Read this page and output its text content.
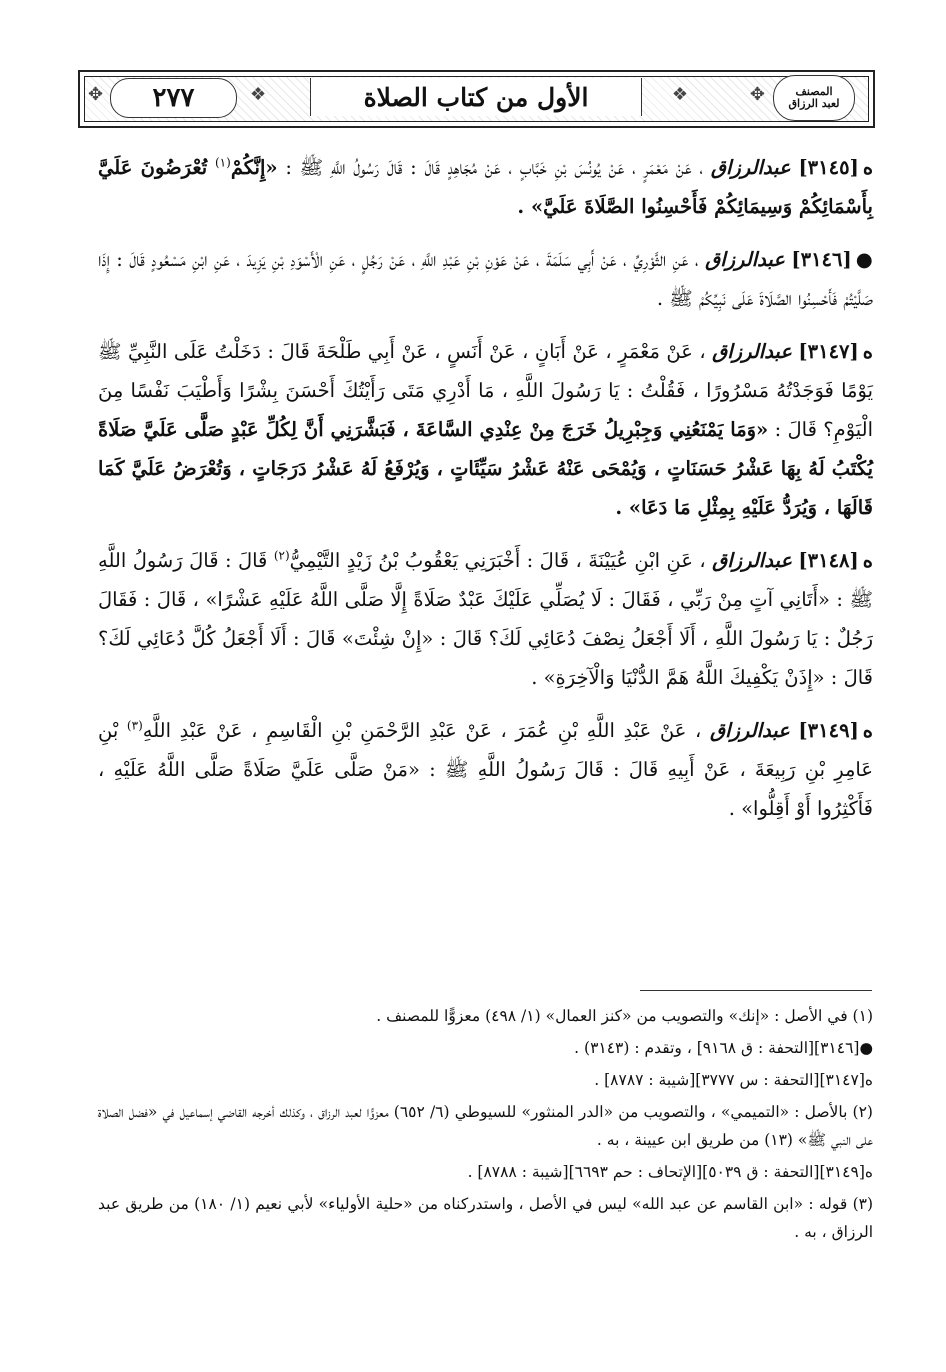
المصنف
لعبد الرزاق
✥
❖
الأول من كتاب الصلاة
❖
٢٧٧
✥

ه[٣١٤٥] عبدالرزاق ، عَنْ مَعْمَرٍ ، عَنْ يُونُسَ بْنِ خَبَّابٍ ، عَنْ مُجَاهِدٍ قَالَ : قَالَ رَسُولُ اللَّهِ ﷺ : «إِنَّكُمْ$^{(١)}$ تُعْرَضُونَ عَلَيَّ بِأَسْمَائِكُمْ وَسِيمَائِكُمْ فَأَحْسِنُوا الصَّلَاةَ عَلَيَّ» .

●[٣١٤٦] عبدالرزاق ، عَنِ الثَّوْرِيِّ ، عَنْ أَبِي سَلَمَةَ ، عَنْ عَوْنِ بْنِ عَبْدِ اللَّهِ ، عَنْ رَجُلٍ ، عَنِ الْأَسْوَدِ بْنِ يَزِيدَ ، عَنِ ابْنِ مَسْعُودٍ قَالَ : إِذَا صَلَّيْتُمْ فَأَحْسِنُوا الصَّلَاةَ عَلَى نَبِيِّكُمْ ﷺ .

ه[٣١٤٧] عبدالرزاق ، عَنْ مَعْمَرٍ ، عَنْ أَبَانٍ ، عَنْ أَنَسٍ ، عَنْ أَبِي طَلْحَةَ قَالَ : دَخَلْتُ عَلَى النَّبِيِّ ﷺ يَوْمًا فَوَجَدْتُهُ مَسْرُورًا ، فَقُلْتُ : يَا رَسُولَ اللَّهِ ، مَا أَدْرِي مَتَى رَأَيْتُكَ أَحْسَنَ بِشْرًا وَأَطْيَبَ نَفْسًا مِنَ الْيَوْمِ؟ قَالَ : «وَمَا يَمْنَعُنِي وَجِبْرِيلُ خَرَجَ مِنْ عِنْدِي السَّاعَةَ ، فَبَشَّرَنِي أَنَّ لِكُلِّ عَبْدٍ صَلَّى عَلَيَّ صَلَاةً يُكْتَبُ لَهُ بِهَا عَشْرُ حَسَنَاتٍ ، وَيُمْحَى عَنْهُ عَشْرُ سَيِّئَاتٍ ، وَيُرْفَعُ لَهُ عَشْرُ دَرَجَاتٍ ، وَتُعْرَضُ عَلَيَّ كَمَا قَالَهَا ، وَيُرَدُّ عَلَيْهِ بِمِثْلِ مَا دَعَا» .

ه[٣١٤٨] عبدالرزاق ، عَنِ ابْنِ عُيَيْنَةَ ، قَالَ : أَخْبَرَنِي يَعْقُوبُ بْنُ زَيْدٍ التَّيْمِيُّ$^{(٢)}$ قَالَ : قَالَ رَسُولُ اللَّهِ ﷺ : «أَتَانِي آتٍ مِنْ رَبِّي ، فَقَالَ : لَا يُصَلِّي عَلَيْكَ عَبْدٌ صَلَاةً إِلَّا صَلَّى اللَّهُ عَلَيْهِ عَشْرًا» ، قَالَ : فَقَالَ رَجُلٌ : يَا رَسُولَ اللَّهِ ، أَلَا أَجْعَلُ نِصْفَ دُعَائِي لَكَ؟ قَالَ : «إِنْ شِئْتَ» قَالَ : أَلَا أَجْعَلُ كُلَّ دُعَائِي لَكَ؟ قَالَ : «إِذَنْ يَكْفِيكَ اللَّهُ هَمَّ الدُّنْيَا وَالْآخِرَةِ» .

ه[٣١٤٩] عبدالرزاق ، عَنْ عَبْدِ اللَّهِ بْنِ عُمَرَ ، عَنْ عَبْدِ الرَّحْمَنِ بْنِ الْقَاسِمِ ، عَنْ عَبْدِ اللَّهِ$^{(٣)}$ بْنِ عَامِرِ بْنِ رَبِيعَةَ ، عَنْ أَبِيهِ قَالَ : قَالَ رَسُولُ اللَّهِ ﷺ : «مَنْ صَلَّى عَلَيَّ صَلَاةً صَلَّى اللَّهُ عَلَيْهِ ، فَأَكْثِرُوا أَوْ أَقِلُّوا» .

(١) في الأصل : «إنك» والتصويب من «كنز العمال» (١/ ٤٩٨) معزوًّا للمصنف .

●[٣١٤٦][التحفة : ق ٩١٦٨] ، وتقدم : (٣١٤٣) .

ه[٣١٤٧][التحفة : س ٣٧٧٧][شيبة : ٨٧٨٧] .

(٢) بالأصل : «التميمي» ، والتصويب من «الدر المنثور» للسيوطي (٦/ ٦٥٢) معزوًّا لعبد الرزاق ، وكذلك أخرجه القاضي إسماعيل في «فضل الصلاة على النبي ﷺ» (١٣) من طريق ابن عيينة ، به .

ه[٣١٤٩][التحفة : ق ٥٠٣٩][الإتحاف : حم ٦٦٩٣][شيبة : ٨٧٨٨] .

(٣) قوله : «ابن القاسم عن عبد الله» ليس في الأصل ، واستدركناه من «حلية الأولياء» لأبي نعيم (١/ ١٨٠) من طريق عبد الرزاق ، به .
